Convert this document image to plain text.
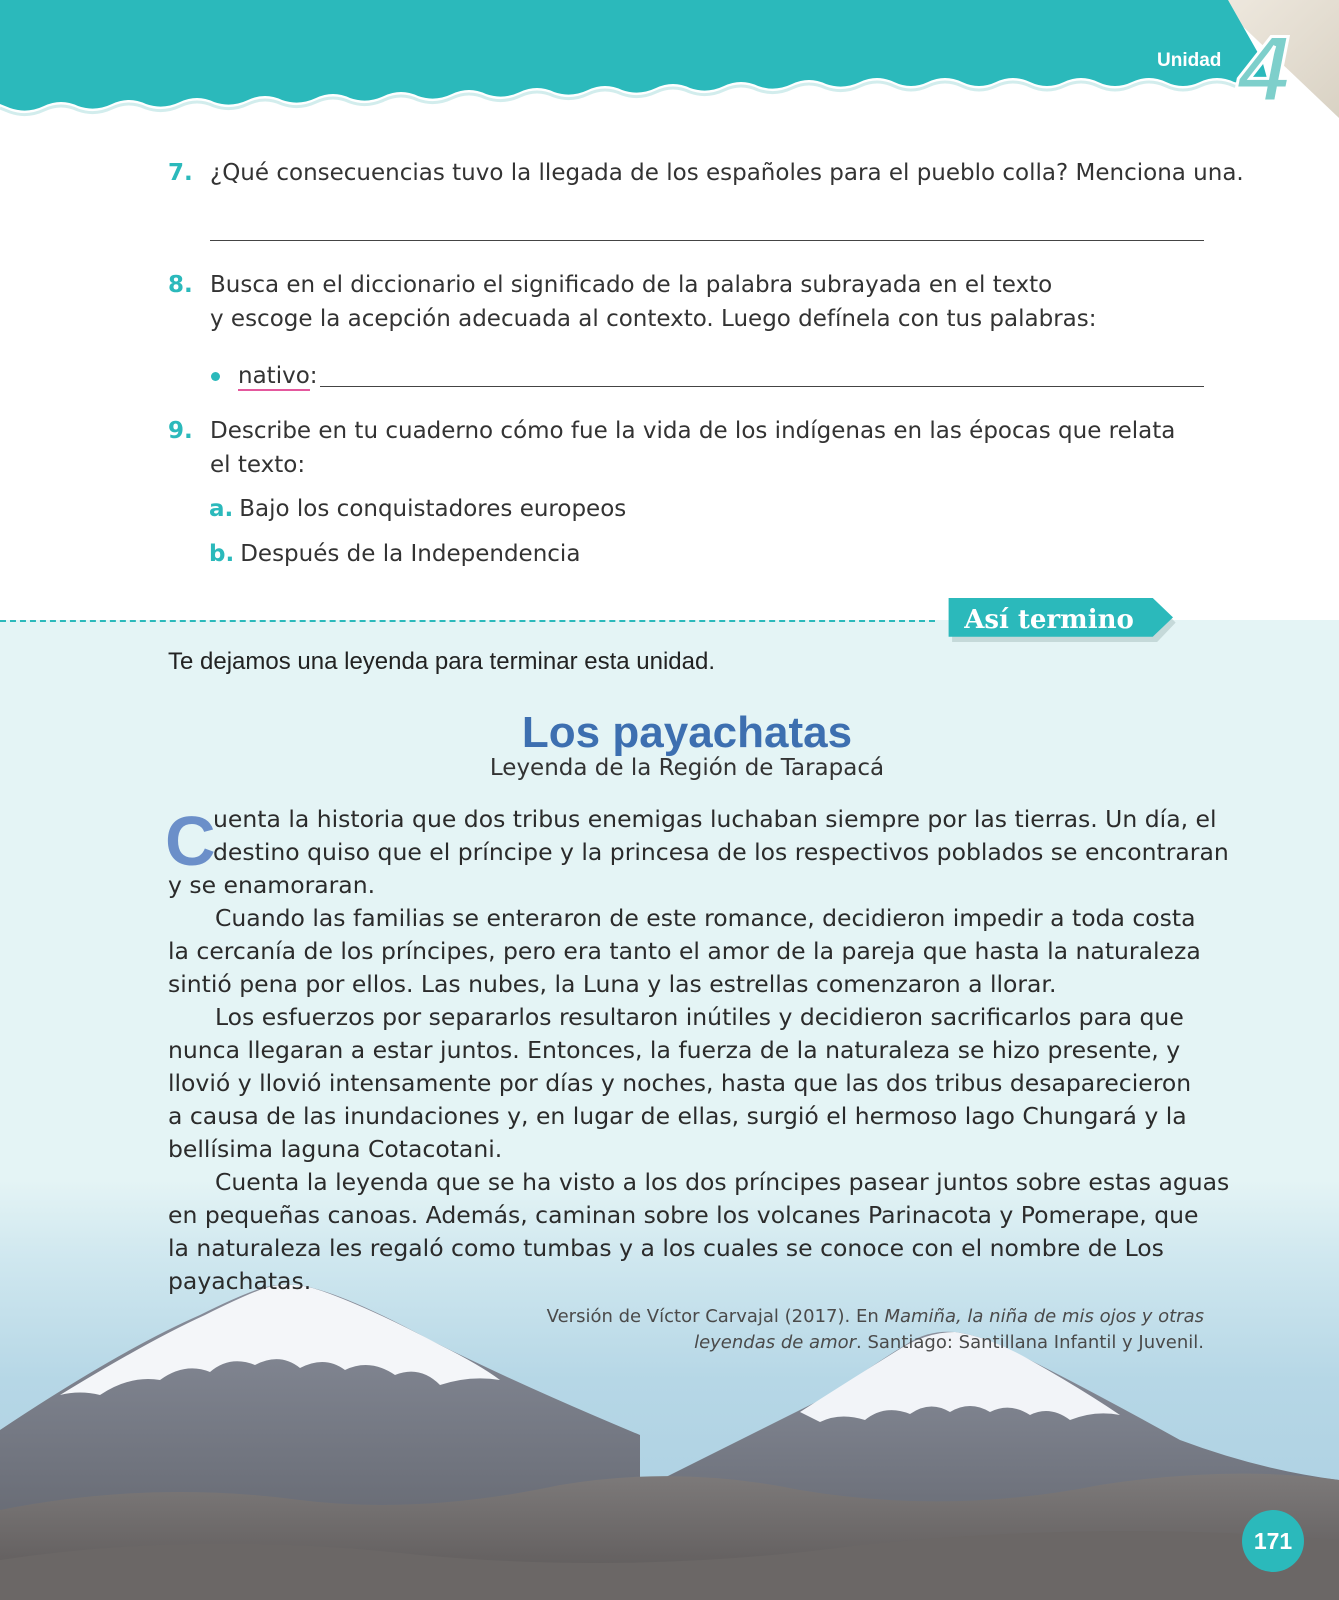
Unidad 4
7. ¿Qué consecuencias tuvo la llegada de los españoles para el pueblo colla? Menciona una.
8. Busca en el diccionario el significado de la palabra subrayada en el texto
y escoge la acepción adecuada al contexto. Luego defínela con tus palabras:
nativo:
9. Describe en tu cuaderno cómo fue la vida de los indígenas en las épocas que relata
el texto:
a. Bajo los conquistadores europeos
b. Después de la Independencia
Así termino
Te dejamos una leyenda para terminar esta unidad.
Los payachatas
Leyenda de la Región de Tarapacá
C
uenta la historia que dos tribus enemigas luchaban siempre por las tierras. Un día, el
destino quiso que el príncipe y la princesa de los respectivos poblados se encontraran
y se enamoraran.
Cuando las familias se enteraron de este romance, decidieron impedir a toda costa
la cercanía de los príncipes, pero era tanto el amor de la pareja que hasta la naturaleza
sintió pena por ellos. Las nubes, la Luna y las estrellas comenzaron a llorar.
Los esfuerzos por separarlos resultaron inútiles y decidieron sacrificarlos para que
nunca llegaran a estar juntos. Entonces, la fuerza de la naturaleza se hizo presente, y
llovió y llovió intensamente por días y noches, hasta que las dos tribus desaparecieron
a causa de las inundaciones y, en lugar de ellas, surgió el hermoso lago Chungará y la
bellísima laguna Cotacotani.
Cuenta la leyenda que se ha visto a los dos príncipes pasear juntos sobre estas aguas
en pequeñas canoas. Además, caminan sobre los volcanes Parinacota y Pomerape, que
la naturaleza les regaló como tumbas y a los cuales se conoce con el nombre de Los
payachatas.
Versión de Víctor Carvajal (2017). En Mamiña, la niña de mis ojos y otras
leyendas de amor. Santiago: Santillana Infantil y Juvenil.
171
